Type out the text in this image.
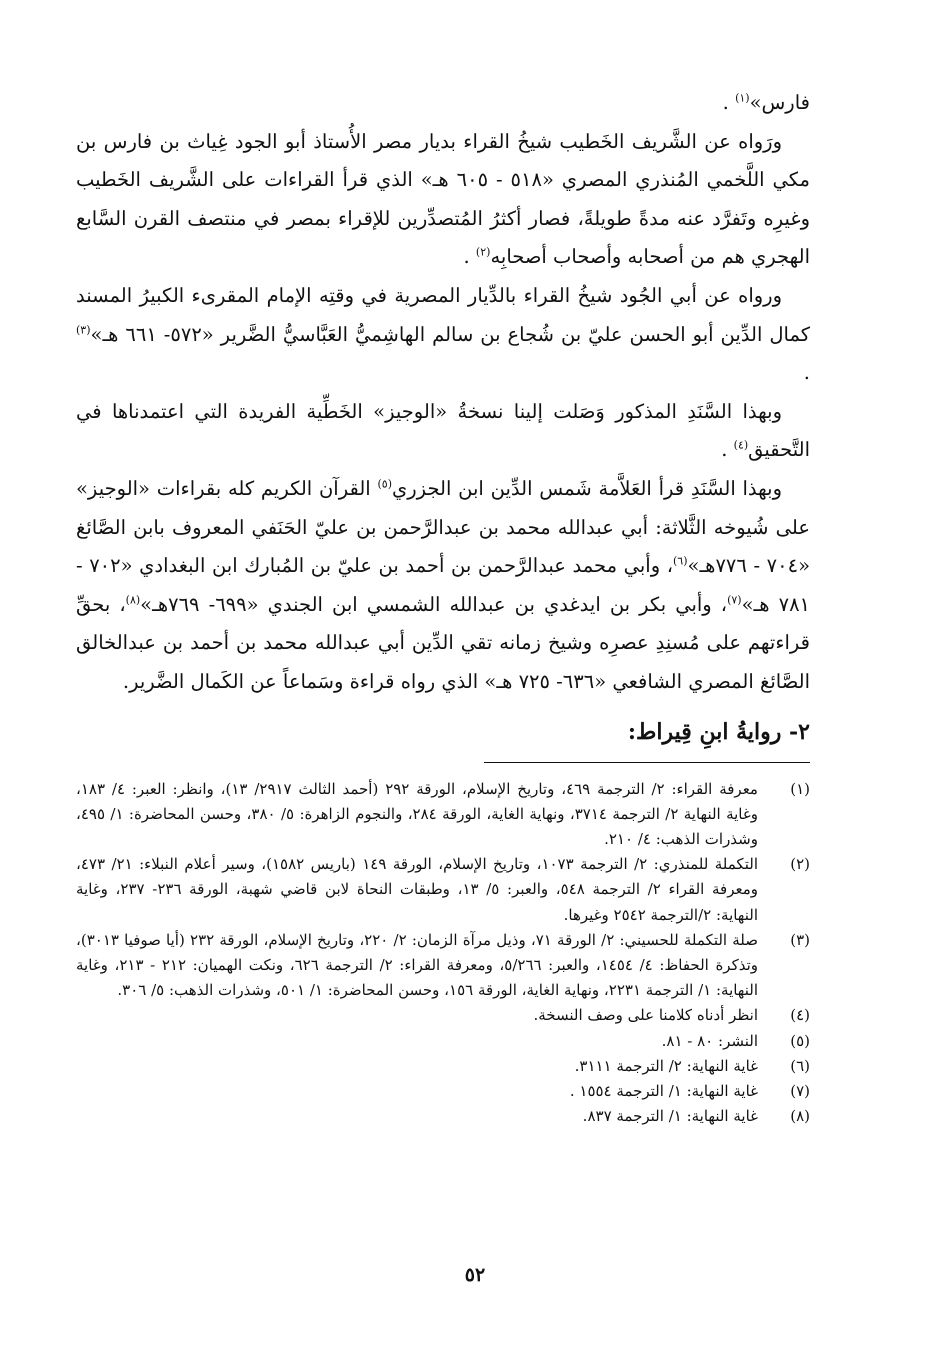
فارس»$^{(١)}$ .

ورَواه عن الشَّريف الخَطيب شيخُ القراء بديار مصر الأُستاذ أبو الجود غِياث بن فارس بن مكي اللَّخمي المُنذري المصري «٥١٨ - ٦٠٥ هـ» الذي قرأ القراءات على الشَّريف الخَطيب وغيرِه وتَفرَّد عنه مدةً طويلةً، فصار أكثرُ المُتصدِّرين للإقراء بمصر في منتصف القرن السَّابع الهجري هم من أصحابه وأصحاب أصحابِه$^{(٢)}$ .

ورواه عن أبي الجُود شيخُ القراء بالدِّيار المصرية في وقتِه الإمام المقرىء الكبيرُ المسند كمال الدِّين أبو الحسن عليّ بن شُجاع بن سالم الهاشِميُّ العَبَّاسيُّ الضَّرير «٥٧٢- ٦٦١ هـ»$^{(٣)}$ .

وبهذا السَّنَدِ المذكور وَصَلت إلينا نسخةُ «الوجيز» الخَطِّية الفريدة التي اعتمدناها في التَّحقيق$^{(٤)}$ .

وبهذا السَّنَدِ قرأ العَلاَّمة شَمس الدِّين ابن الجزري$^{(٥)}$ القرآن الكريم كله بقراءات «الوجيز» على شُيوخه الثَّلاثة: أبي عبدالله محمد بن عبدالرَّحمن بن عليّ الحَنَفي المعروف بابن الصَّائغ «٧٠٤ - ٧٧٦هـ»$^{(٦)}$، وأبي محمد عبدالرَّحمن بن أحمد بن عليّ بن المُبارك ابن البغدادي «٧٠٢ - ٧٨١ هـ»$^{(٧)}$، وأبي بكر بن ايدغدي بن عبدالله الشمسي ابن الجندي «٦٩٩- ٧٦٩هـ»$^{(٨)}$، بحقِّ قراءتهم على مُسنِدِ عصرِه وشيخ زمانه تقي الدِّين أبي عبدالله محمد بن أحمد بن عبدالخالق الصَّائغ المصري الشافعي «٦٣٦- ٧٢٥ هـ» الذي رواه قراءة وسَماعاً عن الكَمال الضَّرير.

٢- روايةُ ابنِ قِيراط:
(١)
معرفة القراء: ٢/ الترجمة ٤٦٩، وتاريخ الإسلام، الورقة ٢٩٢ (أحمد الثالث ٢٩١٧/ ١٣)، وانظر: العبر: ٤/ ١٨٣، وغاية النهاية ٢/ الترجمة ٣٧١٤، ونهاية الغاية، الورقة ٢٨٤، والنجوم الزاهرة: ٥/ ٣٨٠، وحسن المحاضرة: ١/ ٤٩٥، وشذرات الذهب: ٤/ ٢١٠.
(٢)
التكملة للمنذري: ٢/ الترجمة ١٠٧٣، وتاريخ الإسلام، الورقة ١٤٩ (باريس ١٥٨٢)، وسير أعلام النبلاء: ٢١/ ٤٧٣، ومعرفة القراء ٢/ الترجمة ٥٤٨، والعبر: ٥/ ١٣، وطبقات النحاة لابن قاضي شهبة، الورقة ٢٣٦- ٢٣٧، وغاية النهاية: ٢/الترجمة ٢٥٤٢ وغيرها.
(٣)
صلة التكملة للحسيني: ٢/ الورقة ٧١، وذيل مرآة الزمان: ٢/ ٢٢٠، وتاريخ الإسلام، الورقة ٢٣٢ (أيا صوفيا ٣٠١٣)، وتذكرة الحفاظ: ٤/ ١٤٥٤، والعبر: ٥/٢٦٦، ومعرفة القراء: ٢/ الترجمة ٦٢٦، ونكت الهميان: ٢١٢ - ٢١٣، وغاية النهاية: ١/ الترجمة ٢٢٣١، ونهاية الغاية، الورقة ١٥٦، وحسن المحاضرة: ١/ ٥٠١، وشذرات الذهب: ٥/ ٣٠٦.
(٤)
انظر أدناه كلامنا على وصف النسخة.
(٥)
النشر: ٨٠ - ٨١.
(٦)
غاية النهاية: ٢/ الترجمة ٣١١١.
(٧)
غاية النهاية: ١/ الترجمة ١٥٥٤ .
(٨)
غاية النهاية: ١/ الترجمة ٨٣٧.
٥٢
